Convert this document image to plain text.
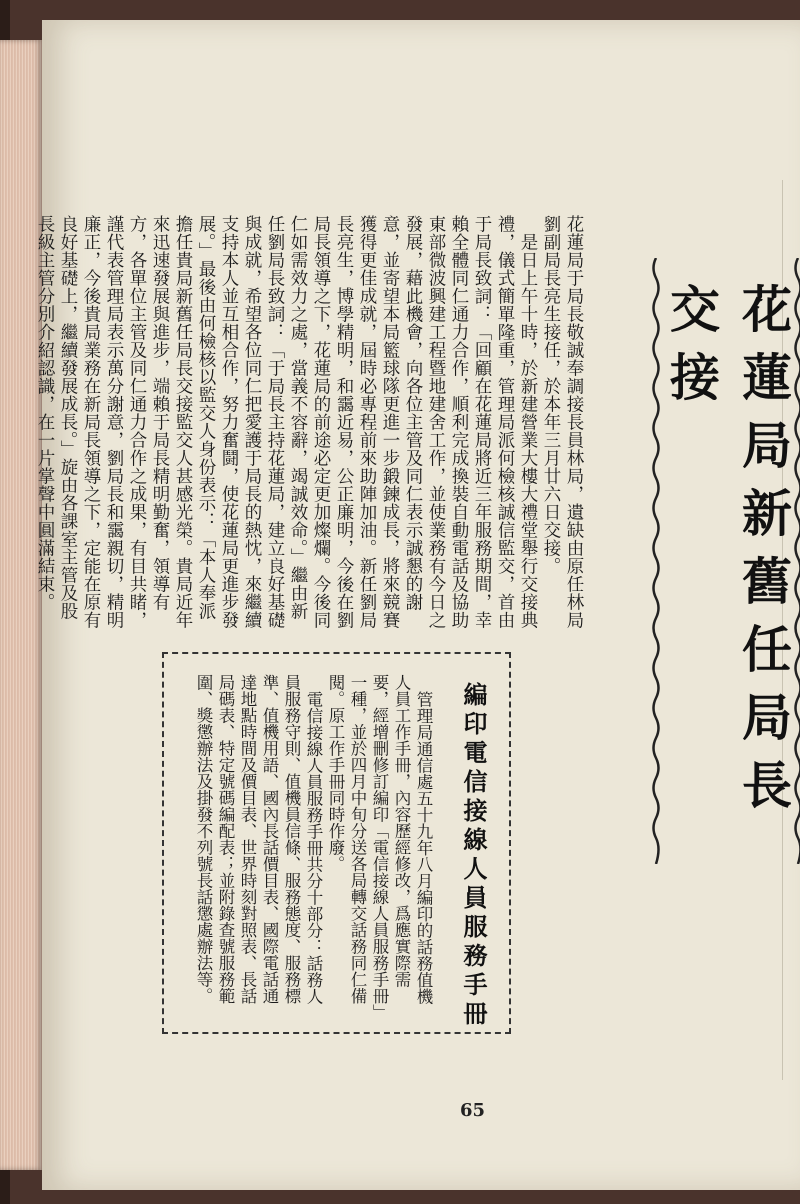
花蓮局新舊任局長交接

花蓮局于局長敬誠奉調接長員林局，遺缺由原任林局劉副局長亮生接任，於本年三月廿六日交接。

是日上午十時，於新建營業大樓大禮堂舉行交接典禮，儀式簡單隆重，管理局派何檢核誠信監交，首由于局長致詞：「回顧在花蓮局將近三年服務期間，幸賴全體同仁通力合作，順利完成換裝自動電話及協助東部微波興建工程暨地建舍工作，並使業務有今日之發展，藉此機會，向各位主管及同仁表示誠懇的謝意，並寄望本局籃球隊更進一步鍛鍊成長，將來競賽獲得更佳成就，屆時必專程前來助陣加油。新任劉局長亮生，博學精明，和靄近易，公正廉明，今後在劉局長領導之下，花蓮局的前途必定更加燦爛。今後同仁如需效力之處，當義不容辭，竭誠效命。」繼由新任劉局長致詞：「于局長主持花蓮局，建立良好基礎與成就，希望各位同仁把愛護于局長的熱忱，來繼續支持本人並互相合作，努力奮鬪，使花蓮局更進步發展。」最後由何檢核以監交人身份表示：「本人奉派擔任貴局新舊任局長交接監交人甚感光榮。貴局近年來迅速發展與進步，端賴于局長精明勤奮，領導有方，各單位主管及同仁通力合作之成果，有目共睹，謹代表管理局表示萬分謝意，劉局長和靄親切，精明廉正，今後貴局業務在新局長領導之下，定能在原有良好基礎上，繼續發展成長。」旋由各課室主管及股長級主管分別介紹認識，在一片掌聲中圓滿結束。

編印電信接線人員服務手冊

管理局通信處五十九年八月編印的話務值機人員工作手冊，內容歷經修改，爲應實際需要，經增刪修訂編印「電信接線人員服務手冊」一種，並於四月中旬分送各局轉交話務同仁備閱。原工作手冊同時作廢。

電信接線人員服務手冊共分十部分：話務人員服務守則、值機員信條、服務態度、服務標準、值機用語、國內長話價目表、國際電話通達地點時間及價目表、世界時刻對照表、長話局碼表、特定號碼編配表；並附錄查號服務範圍、獎懲辦法及掛發不列號長話懲處辦法等。

65
